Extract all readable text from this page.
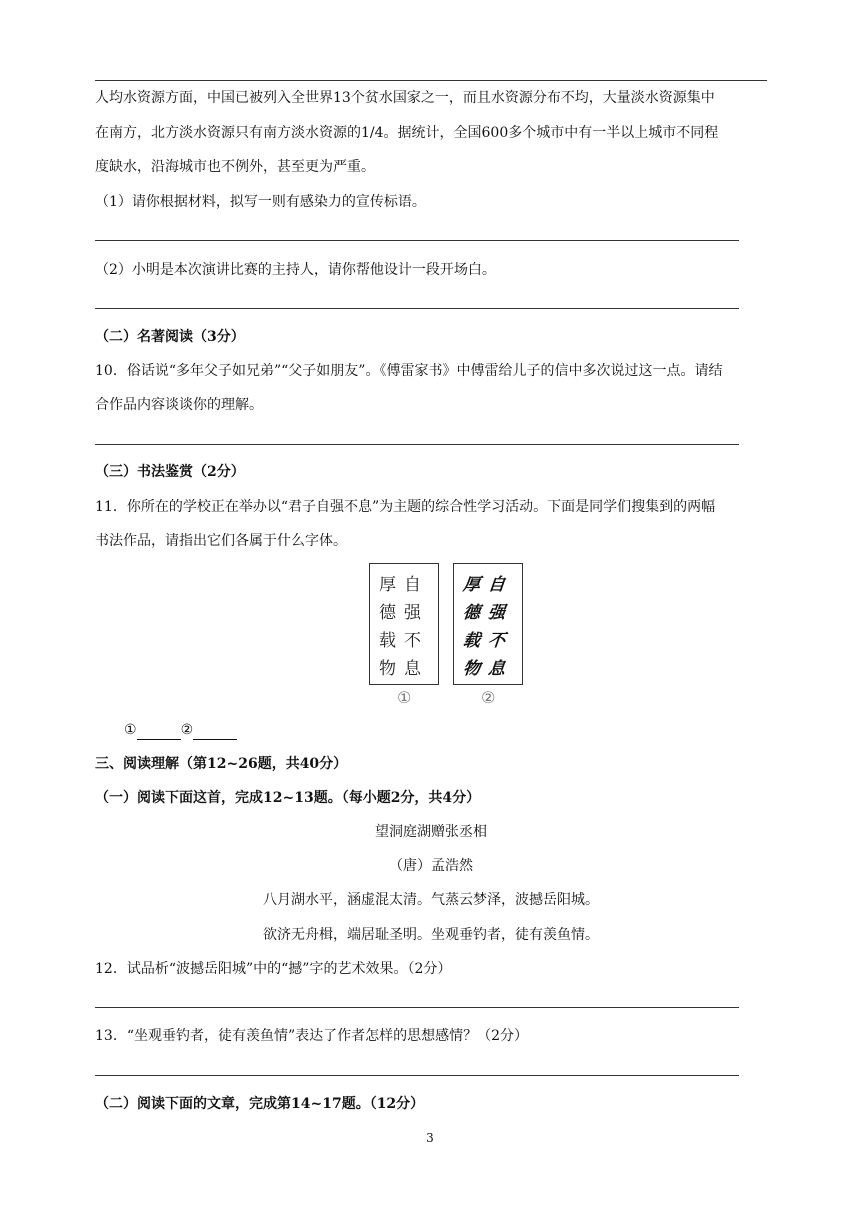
人均水资源方面，中国已被列入全世界13个贫水国家之一，而且水资源分布不均，大量淡水资源集中
在南方，北方淡水资源只有南方淡水资源的1/4。据统计，全国600多个城市中有一半以上城市不同程
度缺水，沿海城市也不例外，甚至更为严重。
（1）请你根据材料，拟写一则有感染力的宣传标语。
（2）小明是本次演讲比赛的主持人，请你帮他设计一段开场白。
（二）名著阅读（3分）
10．俗话说“多年父子如兄弟”“父子如朋友”。《傅雷家书》中傅雷给儿子的信中多次说过这一点。请结
合作品内容谈谈你的理解。
（三）书法鉴赏（2分）
11．你所在的学校正在举办以“君子自强不息”为主题的综合性学习活动。下面是同学们搜集到的两幅
书法作品，请指出它们各属于什么字体。
自
强
不
息
厚
德
载
物
①
自
强
不
息
厚
德
载
物
②
①	②
三、阅读理解（第12~26题，共40分）
（一）阅读下面这首，完成12~13题。（每小题2分，共4分）
望洞庭湖赠张丞相
（唐）孟浩然
八月湖水平，涵虚混太清。气蒸云梦泽，波撼岳阳城。
欲济无舟楫，端居耻圣明。坐观垂钓者，徒有羡鱼情。
12．试品析“波撼岳阳城”中的“撼”字的艺术效果。（2分）
13．“坐观垂钓者，徒有羡鱼情”表达了作者怎样的思想感情？（2分）
（二）阅读下面的文章，完成第14~17题。（12分）
3
